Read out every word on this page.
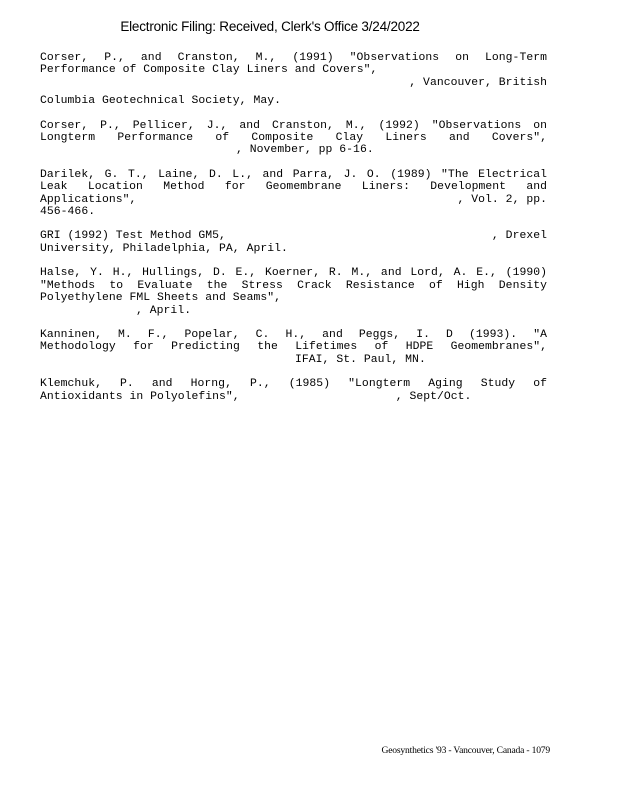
Electronic Filing: Received, Clerk's Office 3/24/2022
Corser, P., and Cranston, M., (1991) "Observations on Long-Term
Performance of Composite Clay Liners and Covers",
, Vancouver, British
Columbia Geotechnical Society, May.
Corser, P., Pellicer, J., and Cranston, M., (1992) "Observations on
Longterm Performance of Composite Clay Liners and Covers",
, November, pp 6-16.
Darilek, G. T., Laine, D. L., and Parra, J. O. (1989) "The Electrical
Leak Location Method for Geomembrane Liners: Development and
Applications",	, Vol. 2, pp.
456-466.
GRI (1992) Test Method GM5,	, Drexel
University, Philadelphia, PA, April.
Halse, Y. H., Hullings, D. E., Koerner, R. M., and Lord, A. E., (1990)
"Methods to Evaluate the Stress Crack Resistance of High Density
Polyethylene FML Sheets and Seams",
, April.
Kanninen, M. F., Popelar, C. H., and Peggs, I. D (1993). "A
Methodology for Predicting the Lifetimes of HDPE Geomembranes",
IFAI, St. Paul, MN.
Klemchuk, P. and Horng, P., (1985) "Longterm Aging Study of
Antioxidants in Polyolefins",	, Sept/Oct.
Geosynthetics '93 - Vancouver, Canada - 1079
